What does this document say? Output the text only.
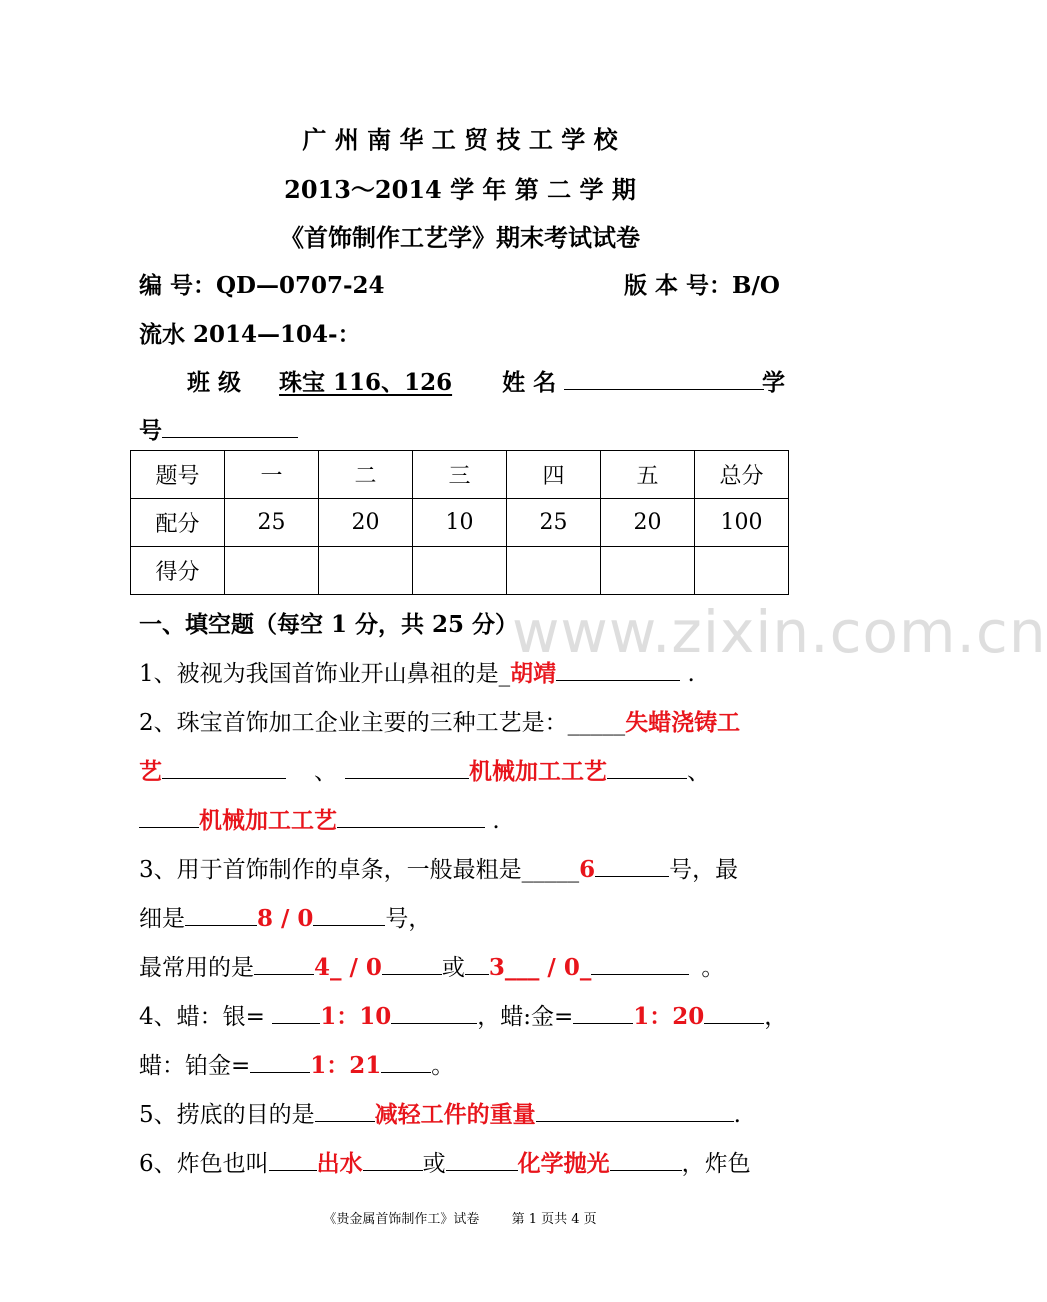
广 州 南 华 工 贸 技 工 学 校
2013～2014 学 年 第 二 学 期
《首饰制作工艺学》期末考试试卷
编 号：QD—0707-24	版 本 号：B/O
流水 2014—104-：
班 级 珠宝 116、126 姓 名	学
号
题号	一	二	三	四	五	总分
配分	25	20	10	25	20	100
得分						
www.zixin.com.cn
一、填空题（每空 1 分，共 25 分）
1、被视为我国首饰业开山鼻祖的是_胡靖	.
2、珠宝首饰加工企业主要的三种工艺是：_____失蜡浇铸工
艺	、	机械加工工艺	、
机械加工工艺	.
3、用于首饰制作的卓条，一般最粗是_____6	号，最
细是	8 / 0	号，
最常用的是	4_ / 0	或 3___ / 0_	。
4、蜡：银= 1：10	，蜡:金=	1：20	，
蜡：铂金=	1：21 。
5、捞底的目的是	减轻工件的重量	.
6、炸色也叫 出水	或	化学抛光	，炸色
《贵金属首饰制作工》试卷 第 1 页共 4 页
